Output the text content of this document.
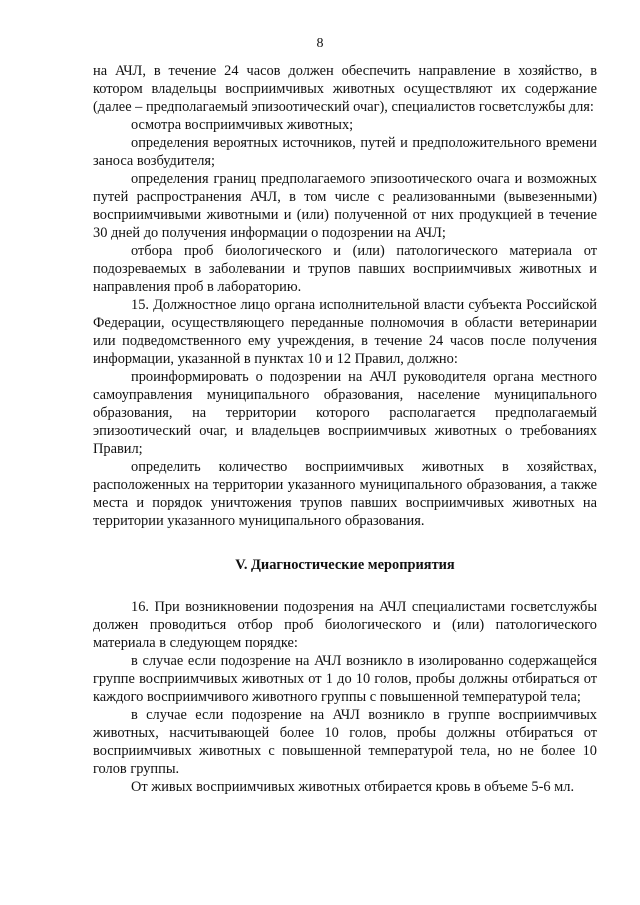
8

на АЧЛ, в течение 24 часов должен обеспечить направление в хозяйство, в котором владельцы восприимчивых животных осуществляют их содержание (далее – предполагаемый эпизоотический очаг), специалистов госветслужбы для:

осмотра восприимчивых животных;

определения вероятных источников, путей и предположительного времени заноса возбудителя;

определения границ предполагаемого эпизоотического очага и возможных путей распространения АЧЛ, в том числе с реализованными (вывезенными) восприимчивыми животными и (или) полученной от них продукцией в течение 30 дней до получения информации о подозрении на АЧЛ;

отбора проб биологического и (или) патологического материала от подозреваемых в заболевании и трупов павших восприимчивых животных и направления проб в лабораторию.

15. Должностное лицо органа исполнительной власти субъекта Российской Федерации, осуществляющего переданные полномочия в области ветеринарии или подведомственного ему учреждения, в течение 24 часов после получения информации, указанной в пунктах 10 и 12 Правил, должно:

проинформировать о подозрении на АЧЛ руководителя органа местного самоуправления муниципального образования, население муниципального образования, на территории которого располагается предполагаемый эпизоотический очаг, и владельцев восприимчивых животных о требованиях Правил;

определить количество восприимчивых животных в хозяйствах, расположенных на территории указанного муниципального образования, а также места и порядок уничтожения трупов павших восприимчивых животных на территории указанного муниципального образования.

V. Диагностические мероприятия

16. При возникновении подозрения на АЧЛ специалистами госветслужбы должен проводиться отбор проб биологического и (или) патологического материала в следующем порядке:

в случае если подозрение на АЧЛ возникло в изолированно содержащейся группе восприимчивых животных от 1 до 10 голов, пробы должны отбираться от каждого восприимчивого животного группы с повышенной температурой тела;

в случае если подозрение на АЧЛ возникло в группе восприимчивых животных, насчитывающей более 10 голов, пробы должны отбираться от восприимчивых животных с повышенной температурой тела, но не более 10 голов группы.

От живых восприимчивых животных отбирается кровь в объеме 5-6 мл.
